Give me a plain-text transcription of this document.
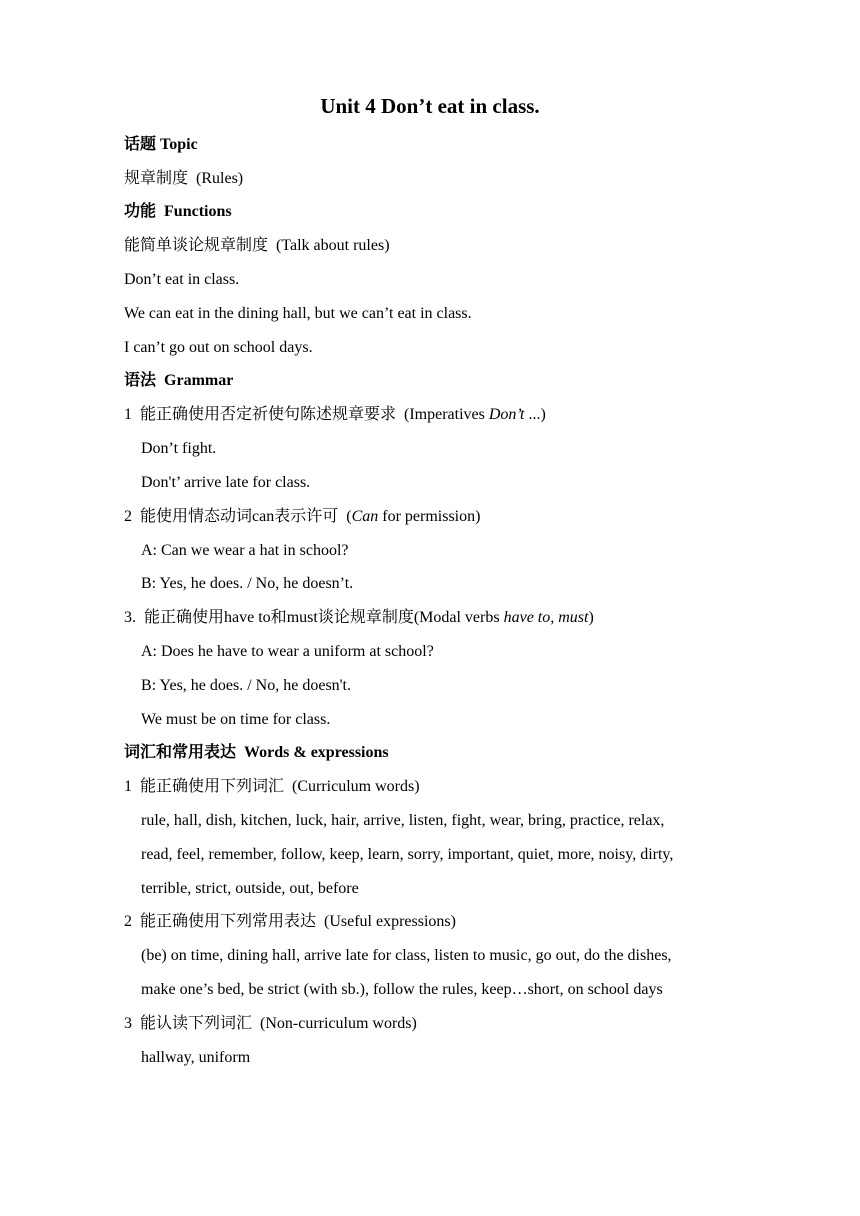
Unit 4 Don’t eat in class.
话题 Topic
规章制度 (Rules)
功能 Functions
能简单谈论规章制度 (Talk about rules)
Don’t eat in class.
We can eat in the dining hall, but we can’t eat in class.
I can’t go out on school days.
语法 Grammar
1 能正确使用否定祈使句陈述规章要求 (Imperatives Don’t ...)
Don’t fight.
Don't’ arrive late for class.
2 能使用情态动词can表示许可 (Can for permission)
A: Can we wear a hat in school?
B: Yes, he does. / No, he doesn’t.
3. 能正确使用have to和must谈论规章制度(Modal verbs have to, must)
A: Does he have to wear a uniform at school?
B: Yes, he does. / No, he doesn't.
We must be on time for class.
词汇和常用表达 Words & expressions
1 能正确使用下列词汇 (Curriculum words)
rule, hall, dish, kitchen, luck, hair, arrive, listen, fight, wear, bring, practice, relax,
read, feel, remember, follow, keep, learn, sorry, important, quiet, more, noisy, dirty,
terrible, strict, outside, out, before
2 能正确使用下列常用表达 (Useful expressions)
(be) on time, dining hall, arrive late for class, listen to music, go out, do the dishes,
make one’s bed, be strict (with sb.), follow the rules, keep…short, on school days
3 能认读下列词汇 (Non-curriculum words)
hallway, uniform
